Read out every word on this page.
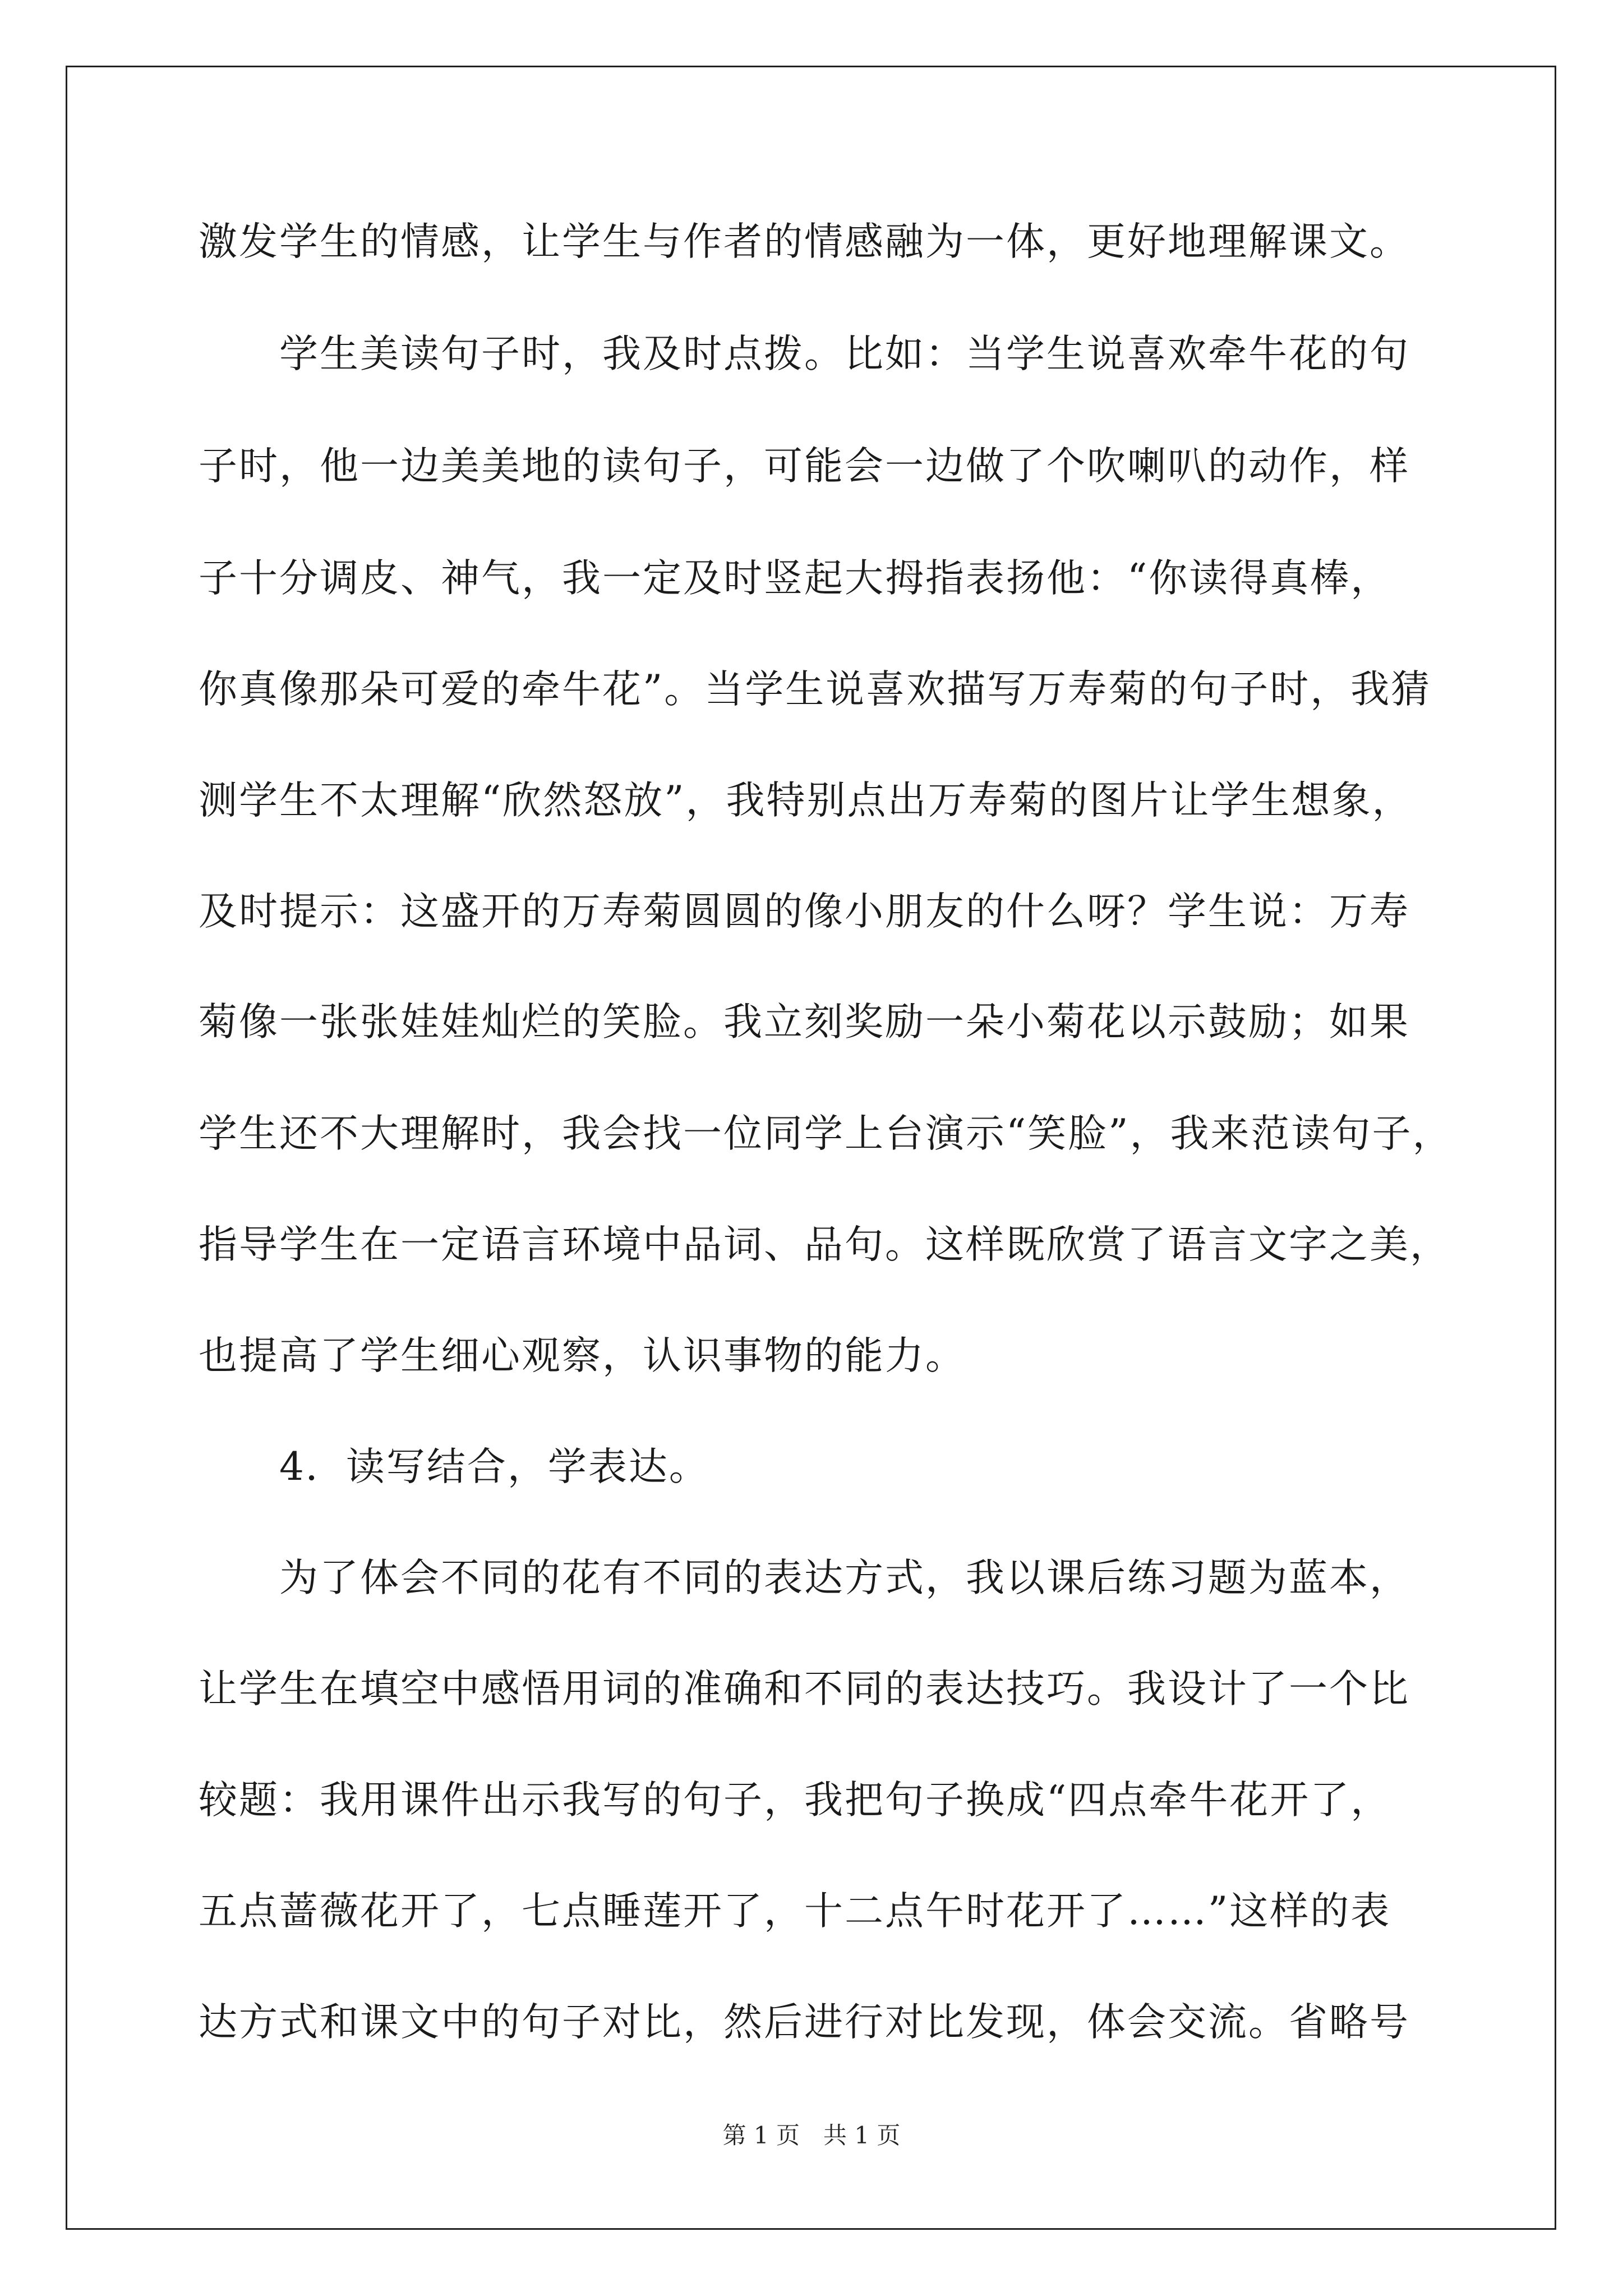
激发学生的情感，让学生与作者的情感融为一体，更好地理解课文。
　　学生美读句子时，我及时点拨。比如：当学生说喜欢牵牛花的句
子时，他一边美美地的读句子，可能会一边做了个吹喇叭的动作，样
子十分调皮、神气，我一定及时竖起大拇指表扬他：“你读得真棒，
你真像那朵可爱的牵牛花”。当学生说喜欢描写万寿菊的句子时，我猜
测学生不太理解“欣然怒放”，我特别点出万寿菊的图片让学生想象，
及时提示：这盛开的万寿菊圆圆的像小朋友的什么呀？学生说：万寿
菊像一张张娃娃灿烂的笑脸。我立刻奖励一朵小菊花以示鼓励；如果
学生还不大理解时，我会找一位同学上台演示“笑脸”，我来范读句子，
指导学生在一定语言环境中品词、品句。这样既欣赏了语言文字之美，
也提高了学生细心观察，认识事物的能力。
　　4．读写结合，学表达。
　　为了体会不同的花有不同的表达方式，我以课后练习题为蓝本，
让学生在填空中感悟用词的准确和不同的表达技巧。我设计了一个比
较题：我用课件出示我写的句子，我把句子换成“四点牵牛花开了，
五点蔷薇花开了，七点睡莲开了，十二点午时花开了……”这样的表
达方式和课文中的句子对比，然后进行对比发现，体会交流。省略号
第 1 页　共 1 页
